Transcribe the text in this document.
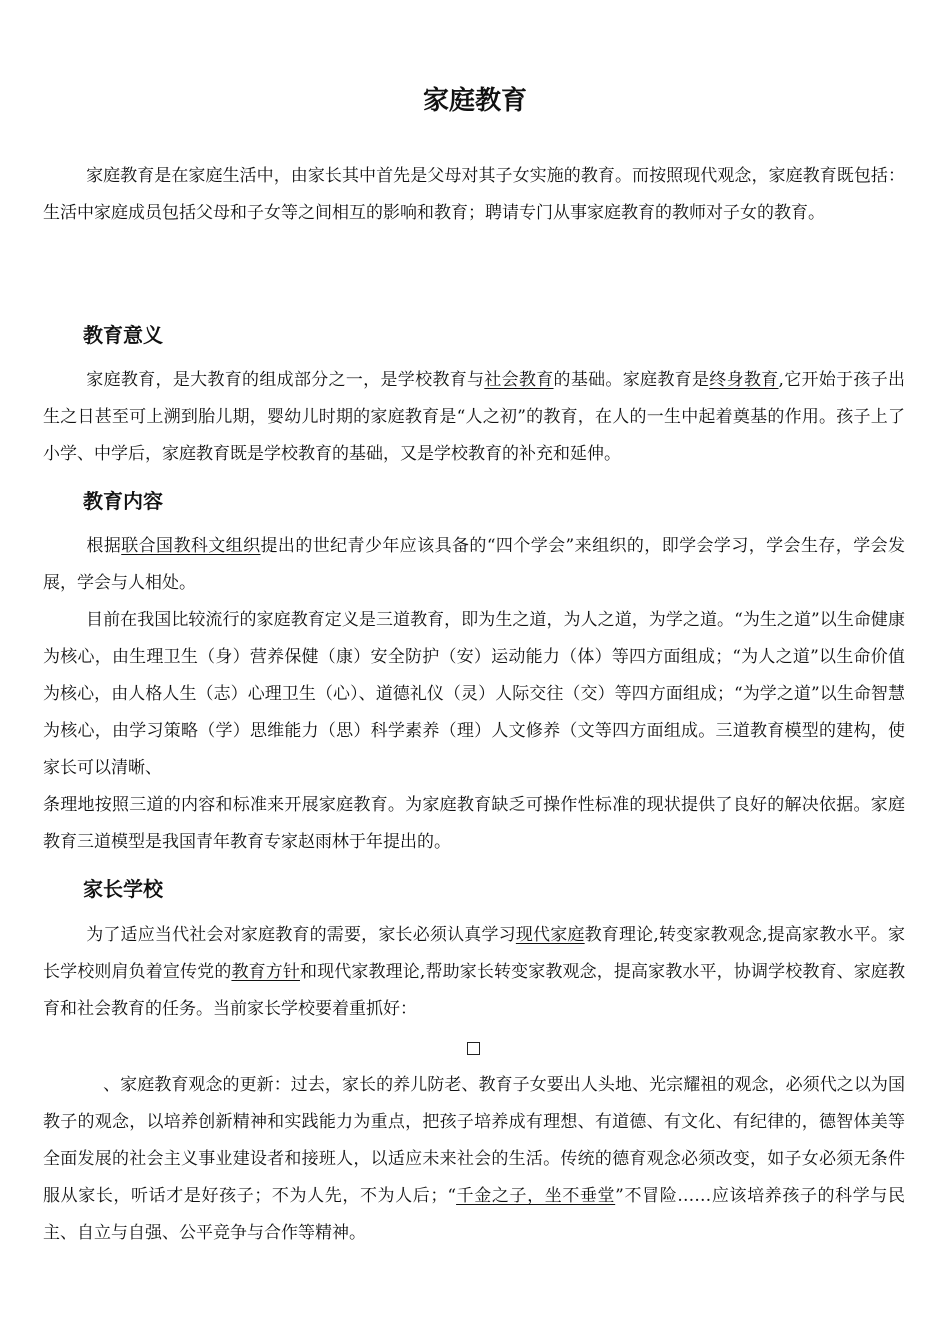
家庭教育

家庭教育是在家庭生活中，由家长其中首先是父母对其子女实施的教育。而按照现代观念，家庭教育既包括：生活中家庭成员包括父母和子女等之间相互的影响和教育；聘请专门从事家庭教育的教师对子女的教育。

教育意义

家庭教育，是大教育的组成部分之一，是学校教育与社会教育的基础。家庭教育是终身教育,它开始于孩子出生之日甚至可上溯到胎儿期，婴幼儿时期的家庭教育是“人之初”的教育，在人的一生中起着奠基的作用。孩子上了小学、中学后，家庭教育既是学校教育的基础，又是学校教育的补充和延伸。

教育内容

根据联合国教科文组织提出的世纪青少年应该具备的“四个学会”来组织的，即学会学习，学会生存，学会发展，学会与人相处。

目前在我国比较流行的家庭教育定义是三道教育，即为生之道，为人之道，为学之道。“为生之道”以生命健康为核心，由生理卫生（身）营养保健（康）安全防护（安）运动能力（体）等四方面组成；“为人之道”以生命价值为核心，由人格人生（志）心理卫生（心）、道德礼仪（灵）人际交往（交）等四方面组成；“为学之道”以生命智慧为核心，由学习策略（学）思维能力（思）科学素养（理）人文修养（文等四方面组成。三道教育模型的建构，使家长可以清晰、

条理地按照三道的内容和标准来开展家庭教育。为家庭教育缺乏可操作性标准的现状提供了良好的解决依据。家庭教育三道模型是我国青年教育专家赵雨林于年提出的。

家长学校

为了适应当代社会对家庭教育的需要，家长必须认真学习现代家庭教育理论,转变家教观念,提高家教水平。家长学校则肩负着宣传党的教育方针和现代家教理论,帮助家长转变家教观念，提高家教水平，协调学校教育、家庭教育和社会教育的任务。当前家长学校要着重抓好：

、家庭教育观念的更新：过去，家长的养儿防老、教育子女要出人头地、光宗耀祖的观念，必须代之以为国教子的观念，以培养创新精神和实践能力为重点，把孩子培养成有理想、有道德、有文化、有纪律的，德智体美等全面发展的社会主义事业建设者和接班人，以适应未来社会的生活。传统的德育观念必须改变，如子女必须无条件服从家长，听话才是好孩子；不为人先，不为人后；“千金之子，坐不垂堂”不冒险……应该培养孩子的科学与民主、自立与自强、公平竞争与合作等精神。
